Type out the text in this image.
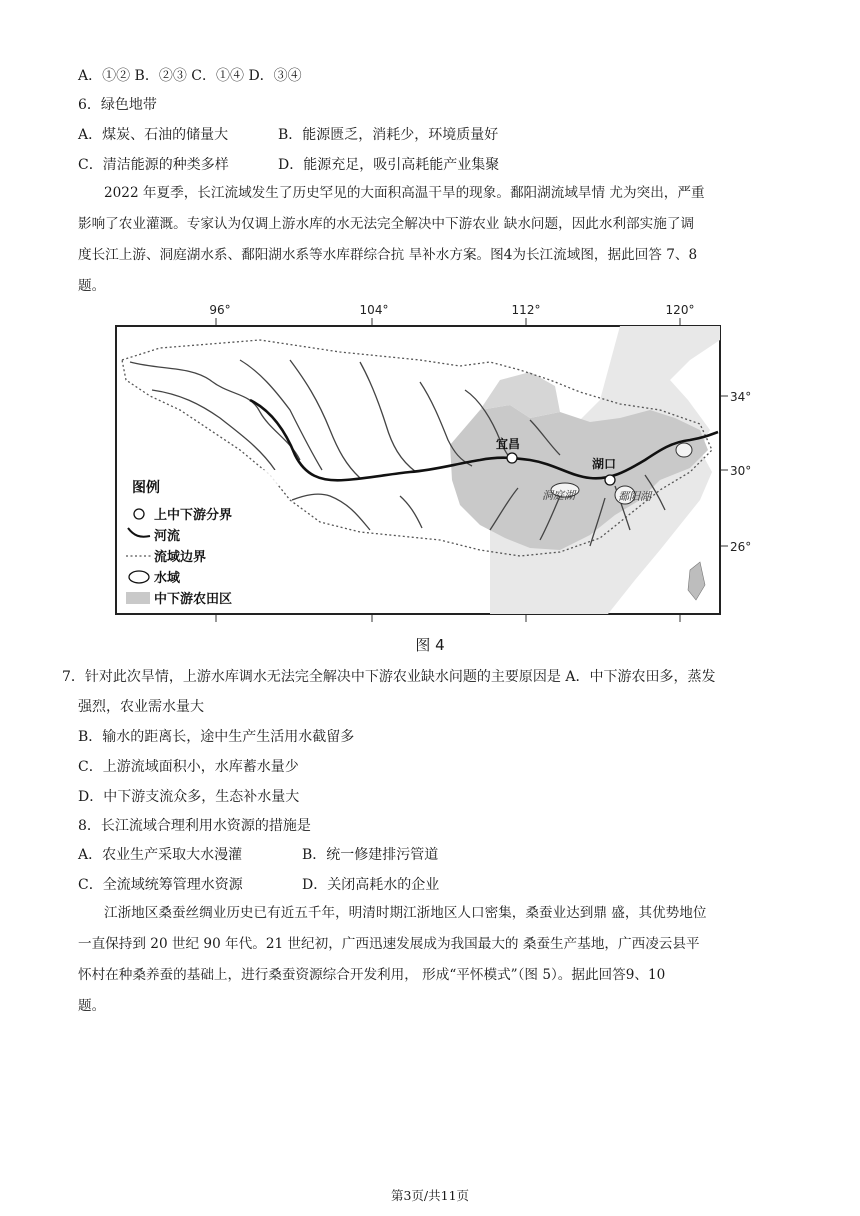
A．①② B．②③ C．①④ D．③④
6．绿色地带
A．煤炭、石油的储量大	B．能源匮乏，消耗少，环境质量好
C．清洁能源的种类多样	D．能源充足，吸引高耗能产业集聚
2022 年夏季，长江流域发生了历史罕见的大面积高温干旱的现象。鄱阳湖流域旱情 尤为突出，严重
影响了农业灌溉。专家认为仅调上游水库的水无法完全解决中下游农业 缺水问题，因此水利部实施了调
度长江上游、洞庭湖水系、鄱阳湖水系等水库群综合抗 旱补水方案。图4为长江流域图，据此回答 7、8
题。
96°	104°	112°	120°
34°
30°
26°
宜昌
湖口
洞庭湖	鄱阳湖
图例
上中下游分界
河流
流域边界
水域
中下游农田区
图 4
7．针对此次旱情，上游水库调水无法完全解决中下游农业缺水问题的主要原因是 A．中下游农田多，蒸发
强烈，农业需水量大
B．输水的距离长，途中生产生活用水截留多
C．上游流域面积小，水库蓄水量少
D．中下游支流众多，生态补水量大
8．长江流域合理利用水资源的措施是
A．农业生产采取大水漫灌	B．统一修建排污管道
C．全流域统筹管理水资源	D．关闭高耗水的企业
江浙地区桑蚕丝绸业历史已有近五千年，明清时期江浙地区人口密集，桑蚕业达到鼎 盛，其优势地位
一直保持到 20 世纪 90 年代。21 世纪初，广西迅速发展成为我国最大的 桑蚕生产基地，广西凌云县平
怀村在种桑养蚕的基础上，进行桑蚕资源综合开发利用， 形成“平怀模式”（图 5）。据此回答9、10
题。
第3页/共11页
